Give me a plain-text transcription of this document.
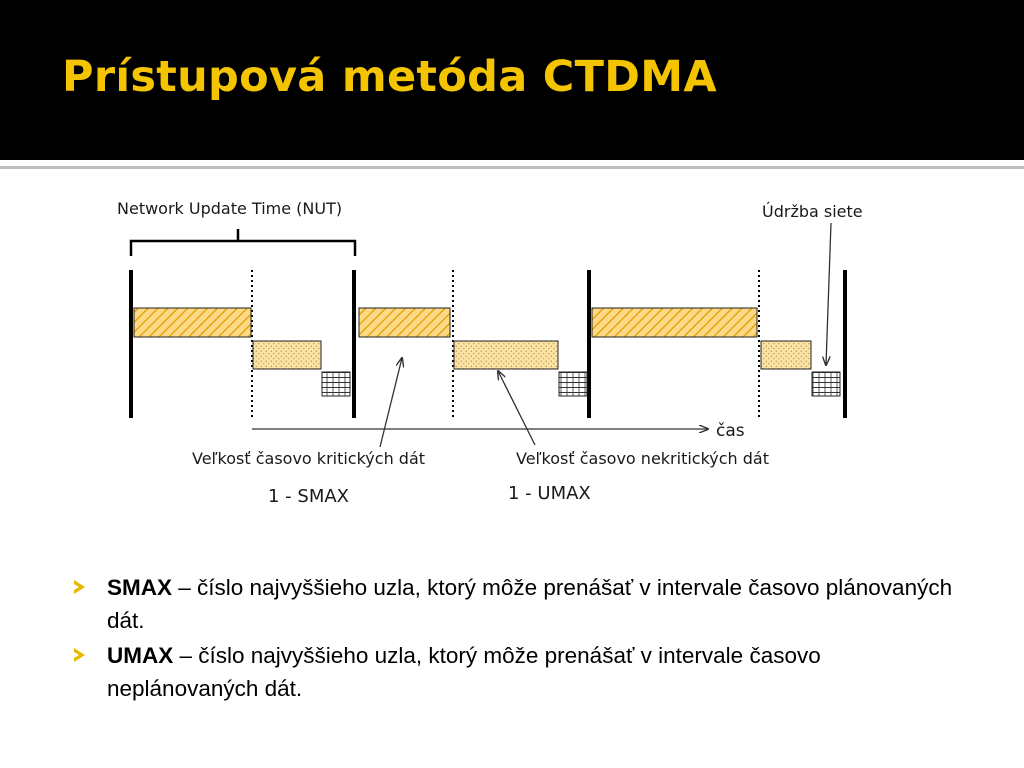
Prístupová metóda CTDMA
Network Update Time (NUT)	Údržba siete
čas
Veľkosť časovo kritických dát	Veľkosť časovo nekritických dát
1 - SMAX	1 - UMAX
SMAX – číslo najvyššieho uzla, ktorý môže prenášať v intervale časovo plánovaných dát.
UMAX – číslo najvyššieho uzla, ktorý môže prenášať v intervale časovo neplánovaných dát.
